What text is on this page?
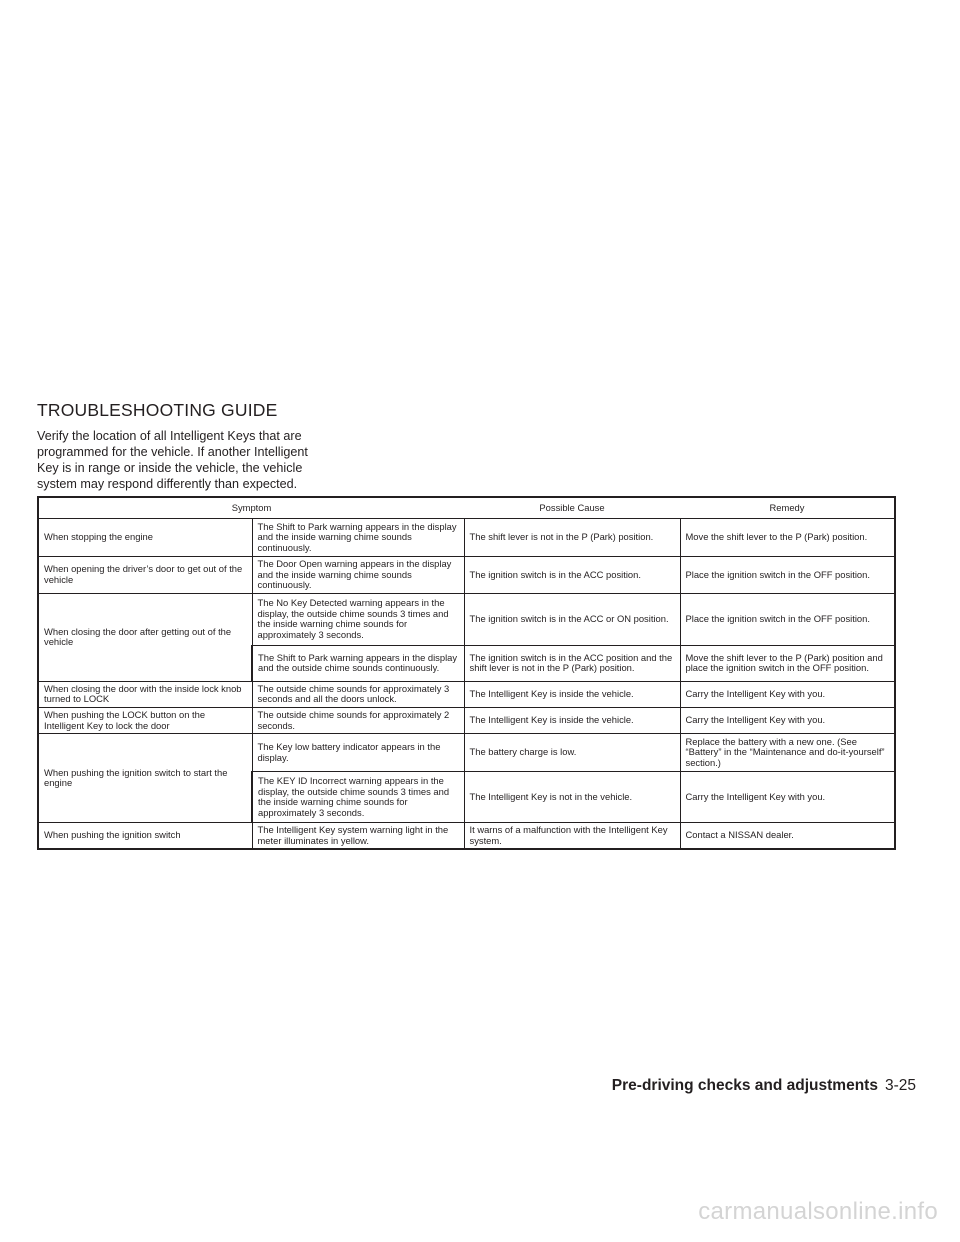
TROUBLESHOOTING GUIDE

Verify the location of all Intelligent Keys that are programmed for the vehicle. If another Intelligent Key is in range or inside the vehicle, the vehicle system may respond differently than expected.

Symptom		Possible Cause	Remedy
When stopping the engine	The Shift to Park warning appears in the display and the inside warning chime sounds continuously.	The shift lever is not in the P (Park) position.	Move the shift lever to the P (Park) position.
When opening the driver’s door to get out of the vehicle	The Door Open warning appears in the display and the inside warning chime sounds continuously.	The ignition switch is in the ACC position.	Place the ignition switch in the OFF position.
When closing the door after getting out of the vehicle	The No Key Detected warning appears in the display, the outside chime sounds 3 times and the inside warning chime sounds for approximately 3 seconds.	The ignition switch is in the ACC or ON position.	Place the ignition switch in the OFF position.
	The Shift to Park warning appears in the display and the outside chime sounds continuously.	The ignition switch is in the ACC position and the shift lever is not in the P (Park) position.	Move the shift lever to the P (Park) position and place the ignition switch in the OFF position.
When closing the door with the inside lock knob turned to LOCK	The outside chime sounds for approximately 3 seconds and all the doors unlock.	The Intelligent Key is inside the vehicle.	Carry the Intelligent Key with you.
When pushing the LOCK button on the Intelligent Key to lock the door	The outside chime sounds for approximately 2 seconds.	The Intelligent Key is inside the vehicle.	Carry the Intelligent Key with you.
When pushing the ignition switch to start the engine	The Key low battery indicator appears in the display.	The battery charge is low.	Replace the battery with a new one. (See “Battery” in the “Maintenance and do-it-yourself” section.)
	The KEY ID Incorrect warning appears in the display, the outside chime sounds 3 times and the inside warning chime sounds for approximately 3 seconds.	The Intelligent Key is not in the vehicle.	Carry the Intelligent Key with you.
When pushing the ignition switch	The Intelligent Key system warning light in the meter illuminates in yellow.	It warns of a malfunction with the Intelligent Key system.	Contact a NISSAN dealer.
Pre-driving checks and adjustments 3-25
carmanualsonline.info
